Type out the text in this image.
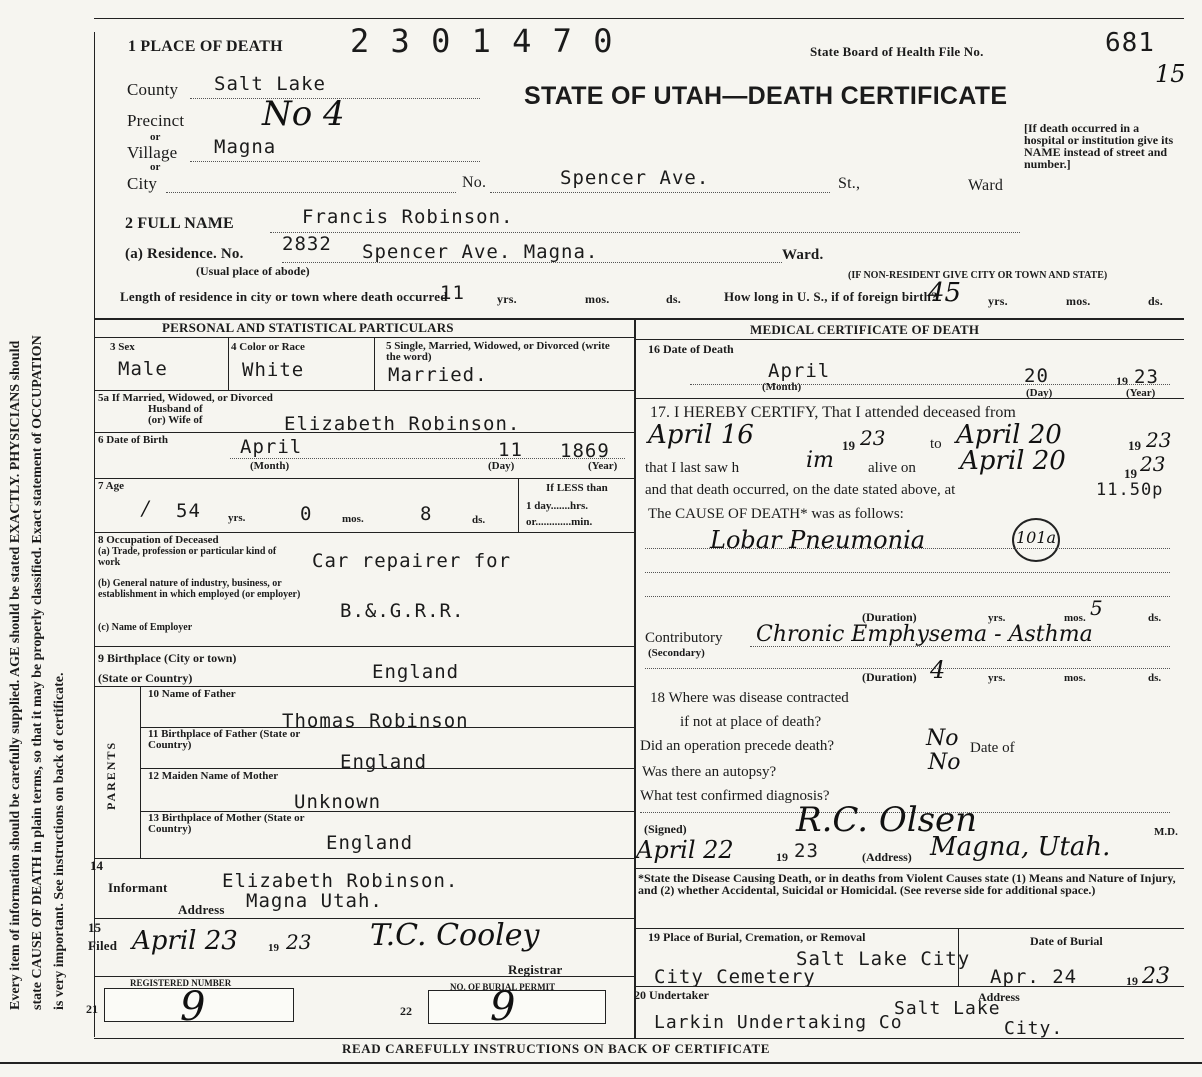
Every item of information should be carefully supplied. AGE should be stated EXACTLY. PHYSICIANS should state CAUSE OF DEATH in plain terms, so that it may be properly classified. Exact statement of OCCUPATION is very important. See instructions on back of certificate.
1 PLACE OF DEATH 2 3 0 1 4 7 0	State Board of Health File No.	681
15
STATE OF UTAH—DEATH CERTIFICATE
County Salt Lake
Precinct No 4
or
Village Magna
or
City	No.	Spencer Ave.	St.,	Ward
[If death occurred in a hospital or institution give its NAME instead of street and number.]
2 FULL NAME	Francis Robinson.
(a) Residence. No. 2832 Spencer Ave. Magna.	Ward.
(Usual place of abode)	(IF NON-RESIDENT GIVE CITY OR TOWN AND STATE)
Length of residence in city or town where death occurred
11	yrs.	mos.	ds.	How long in U. S., if of foreign birth?
45 yrs.	mos.	ds.
PERSONAL AND STATISTICAL PARTICULARS
3 Sex
Male
4 Color or Race
White
5 Single, Married, Widowed, or Divorced (write the word)
Married.
5a If Married, Widowed, or Divorced
Husband of
(or) Wife of	Elizabeth Robinson.
6 Date of Birth	April	11 1869
(Month)	(Day)	(Year)
7 Age
/ 54 yrs.	0	mos.	8	ds.
If LESS than
1 day.......hrs.
or.............min.
8 Occupation of Deceased
(a) Trade, profession or particular kind of work	Car repairer for
(b) General nature of industry, business, or establishment in which employed (or employer)
B.&.G.R.R.
(c) Name of Employer
9 Birthplace (City or town)
(State or Country)	England
PARENTS
10 Name of Father
Thomas Robinson
11 Birthplace of Father (State or Country)
England
12 Maiden Name of Mother
Unknown
13 Birthplace of Mother (State or Country)
England
14
Informant	Elizabeth Robinson.
Address Magna Utah.
15
Filed April 23	19 23 T.C. Cooley
Registrar
21
REGISTERED NUMBER
9	22
NO. OF BURIAL PERMIT
9
MEDICAL CERTIFICATE OF DEATH
16 Date of Death
April	20	19 23
(Month)	(Day)	(Year)
17. I HEREBY CERTIFY, That I attended deceased from
April 16	19 23	to April 20	19 23
that I last saw h	im alive on April 20	19 23
and that death occurred, on the date stated above, at	11.50p
The CAUSE OF DEATH* was as follows:
Lobar Pneumonia	101a
(Duration)	yrs.	mos. 5	ds.
Contributory
(Secondary)
Chronic Emphysema - Asthma
(Duration) 4	yrs.	mos.	ds.
18 Where was disease contracted
if not at place of death?
Did an operation precede death?	No Date of
Was there an autopsy?	No
What test confirmed diagnosis?
(Signed)	R.C. Olsen	M.D.
April 22	19 23	(Address) Magna, Utah.
*State the Disease Causing Death, or in deaths from Violent Causes state (1) Means and Nature of Injury, and (2) whether Accidental, Suicidal or Homicidal. (See reverse side for additional space.)
19 Place of Burial, Cremation, or Removal
Salt Lake City
City Cemetery
Date of Burial
Apr. 24	19 23
20 Undertaker
Larkin Undertaking Co
Address
Salt Lake
City.
READ CAREFULLY INSTRUCTIONS ON BACK OF CERTIFICATE
